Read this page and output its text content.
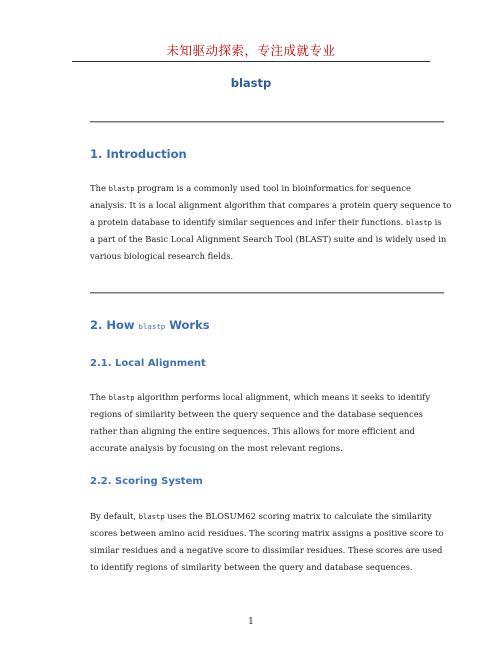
未知驱动探索，专注成就专业
blastp
1. Introduction
The blastp program is a commonly used tool in bioinformatics for sequence
analysis. It is a local alignment algorithm that compares a protein query sequence to
a protein database to identify similar sequences and infer their functions. blastp is
a part of the Basic Local Alignment Search Tool (BLAST) suite and is widely used in
various biological research fields.
2. How blastp Works
2.1. Local Alignment
The blastp algorithm performs local alignment, which means it seeks to identify
regions of similarity between the query sequence and the database sequences
rather than aligning the entire sequences. This allows for more efficient and
accurate analysis by focusing on the most relevant regions.
2.2. Scoring System
By default, blastp uses the BLOSUM62 scoring matrix to calculate the similarity
scores between amino acid residues. The scoring matrix assigns a positive score to
similar residues and a negative score to dissimilar residues. These scores are used
to identify regions of similarity between the query and database sequences.
1
